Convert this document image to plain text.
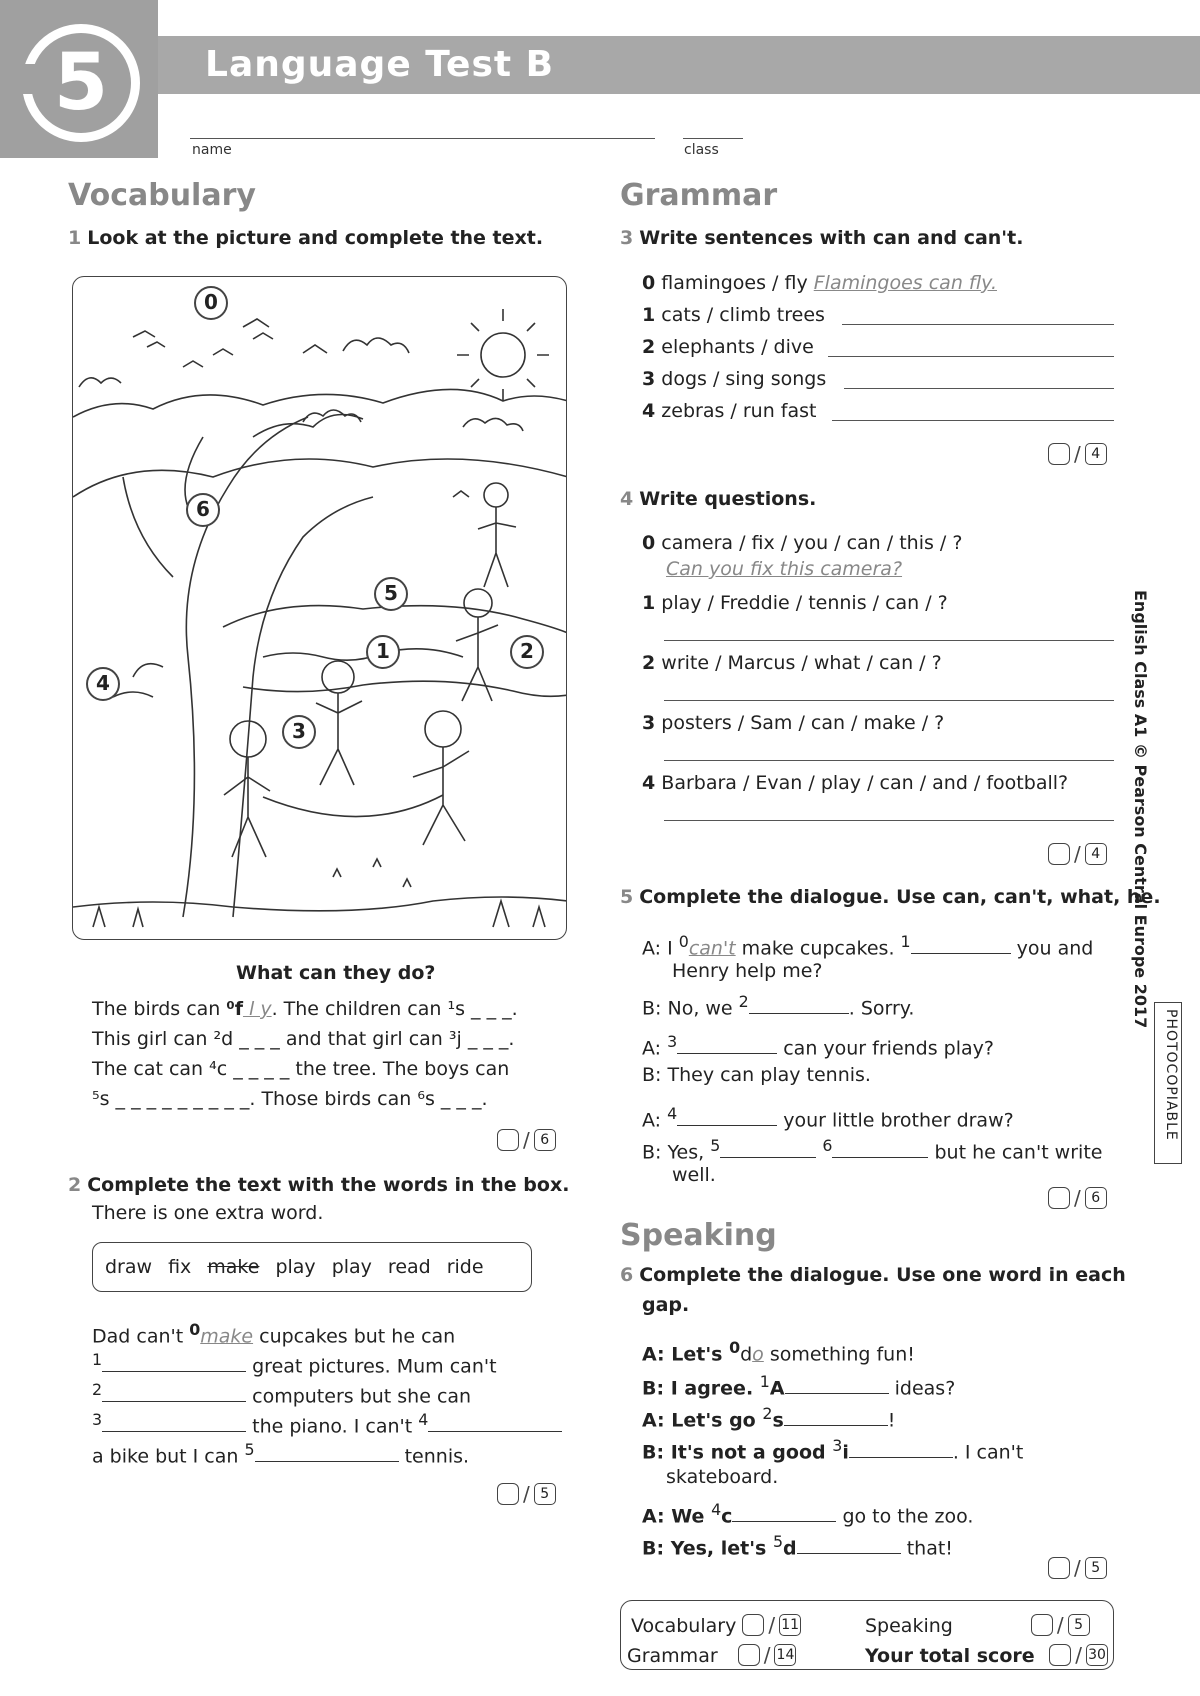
5	Language Test B
name	class
English Class A1 © Pearson Central Europe 2017
PHOTOCOPIABLE
Vocabulary
1 Look at the picture and complete the text.
0
6
5
1	2
4
3
What can they do?
The birds can ⁰f l y. The children can ¹s _ _ _.
This girl can ²d _ _ _ and that girl can ³j _ _ _.
The cat can ⁴c _ _ _ _ the tree. The boys can
⁵s _ _ _ _ _ _ _ _ _. Those birds can ⁶s _ _ _.
/ 6
2 Complete the text with the words in the box.
There is one extra word.
draw fix make play play read ride
Dad can't $^0$make cupcakes but he can
$^1$	great pictures. Mum can't
$^2$	computers but she can
$^3$	the piano. I can't $^4$
a bike but I can $^5$	tennis.
/ 5
Grammar
3 Write sentences with can and can't.
0 flamingoes / fly Flamingoes can fly.
1 cats / climb trees
2 elephants / dive
3 dogs / sing songs
4 zebras / run fast
/ 4
4 Write questions.
0 camera / fix / you / can / this / ?
Can you fix this camera?
1 play / Freddie / tennis / can / ?
2 write / Marcus / what / can / ?
3 posters / Sam / can / make / ?
4 Barbara / Evan / play / can / and / football?
/ 4
5 Complete the dialogue. Use can, can't, what, he.
A: I $^0$can't make cupcakes. $^1$	you and
Henry help me?
B: No, we $^2$	. Sorry.
A: $^3$	can your friends play?
B: They can play tennis.
A: $^4$	your little brother draw?
B: Yes, $^5$	$^6$	but he can't write
well.
/ 6
Speaking
6 Complete the dialogue. Use one word in each
gap.
A: Let's $^0$do something fun!
B: I agree. $^1$A	ideas?
A: Let's go $^2$s	!
B: It's not a good $^3$i	. I can't
skateboard.
A: We $^4$c	go to the zoo.
B: Yes, let's $^5$d	that!
/ 5
Vocabulary / 11
Grammar / 14
Speaking	/ 5
Your total score / 30
